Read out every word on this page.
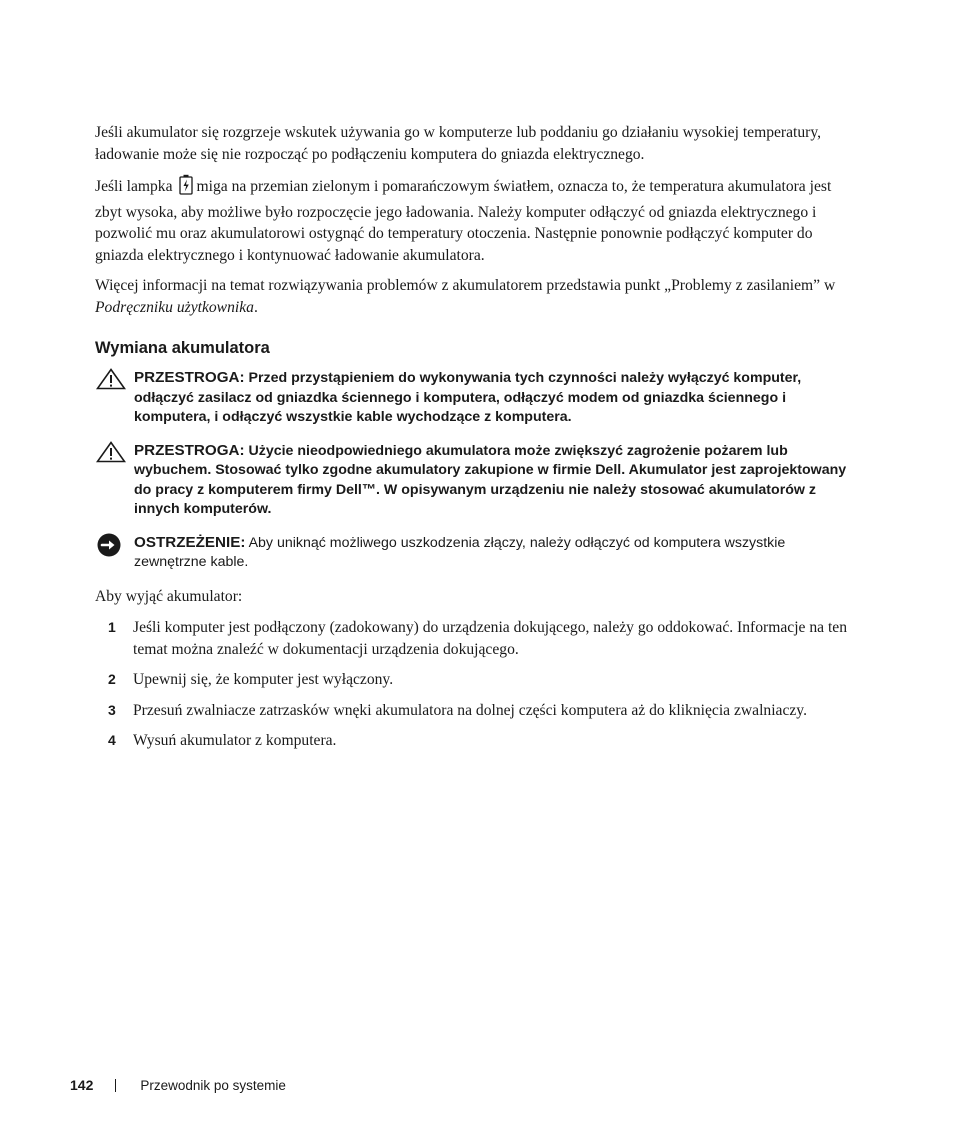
Jeśli akumulator się rozgrzeje wskutek używania go w komputerze lub poddaniu go działaniu wysokiej temperatury, ładowanie może się nie rozpocząć po podłączeniu komputera do gniazda elektrycznego.

Jeśli lampka miga na przemian zielonym i pomarańczowym światłem, oznacza to, że temperatura akumulatora jest zbyt wysoka, aby możliwe było rozpoczęcie jego ładowania. Należy komputer odłączyć od gniazda elektrycznego i pozwolić mu oraz akumulatorowi ostygnąć do temperatury otoczenia. Następnie ponownie podłączyć komputer do gniazda elektrycznego i kontynuować ładowanie akumulatora.

Więcej informacji na temat rozwiązywania problemów z akumulatorem przedstawia punkt „Problemy z zasilaniem” w Podręczniku użytkownika.

Wymiana akumulatora
PRZESTROGA: Przed przystąpieniem do wykonywania tych czynności należy wyłączyć komputer, odłączyć zasilacz od gniazdka ściennego i komputera, odłączyć modem od gniazdka ściennego i komputera, i odłączyć wszystkie kable wychodzące z komputera.
PRZESTROGA: Użycie nieodpowiedniego akumulatora może zwiększyć zagrożenie pożarem lub wybuchem. Stosować tylko zgodne akumulatory zakupione w firmie Dell. Akumulator jest zaprojektowany do pracy z komputerem firmy Dell™. W opisywanym urządzeniu nie należy stosować akumulatorów z innych komputerów.
OSTRZEŻENIE: Aby uniknąć możliwego uszkodzenia złączy, należy odłączyć od komputera wszystkie zewnętrzne kable.

Aby wyjąć akumulator:

1 Jeśli komputer jest podłączony (zadokowany) do urządzenia dokującego, należy go oddokować. Informacje na ten temat można znaleźć w dokumentacji urządzenia dokującego.
2 Upewnij się, że komputer jest wyłączony.
3 Przesuń zwalniacze zatrzasków wnęki akumulatora na dolnej części komputera aż do kliknięcia zwalniaczy.
4 Wysuń akumulator z komputera.
142	Przewodnik po systemie
